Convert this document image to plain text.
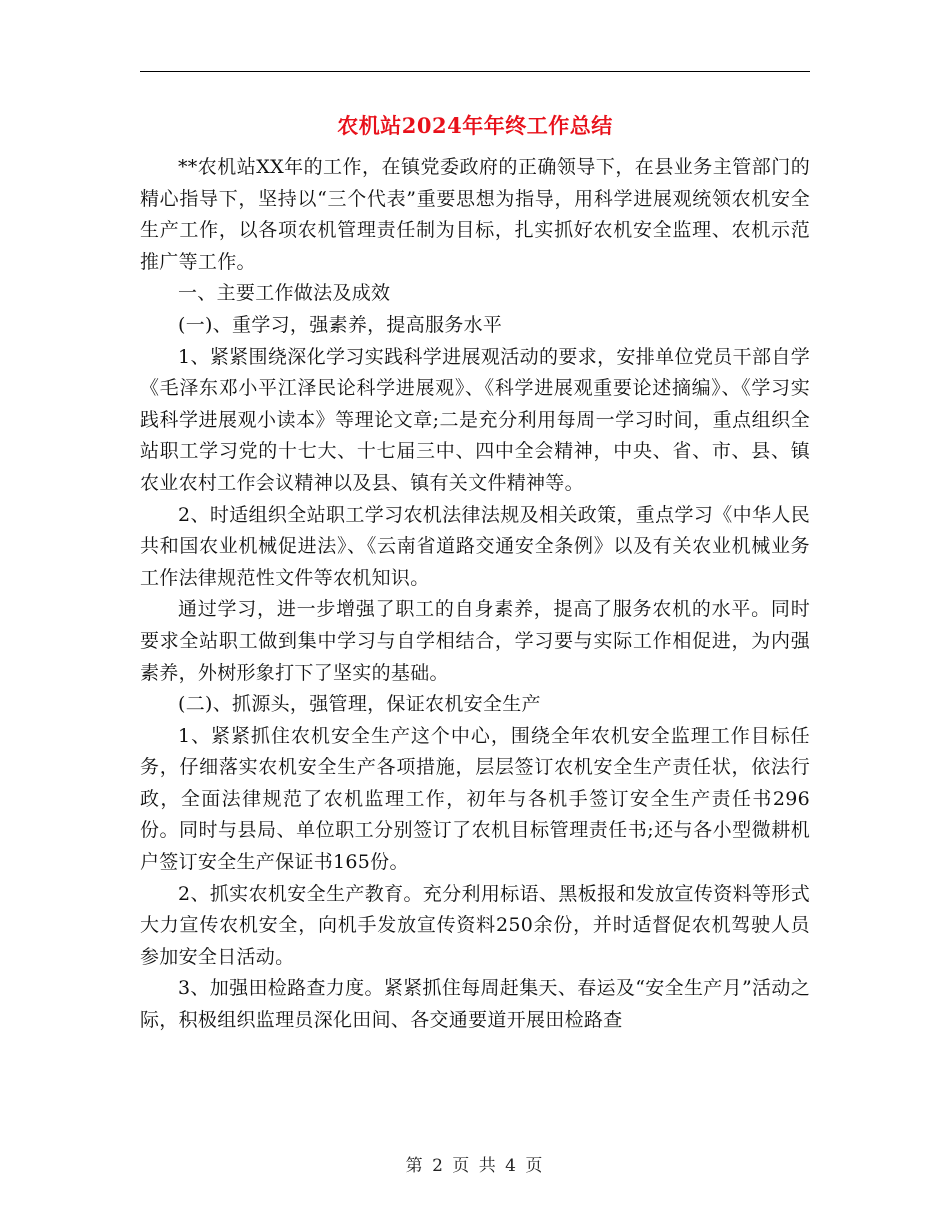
农机站2024年年终工作总结

**农机站XX年的工作，在镇党委政府的正确领导下，在县业务主管部门的精心指导下，坚持以“三个代表”重要思想为指导，用科学进展观统领农机安全生产工作，以各项农机管理责任制为目标，扎实抓好农机安全监理、农机示范推广等工作。

一、主要工作做法及成效

(一)、重学习，强素养，提高服务水平

1、紧紧围绕深化学习实践科学进展观活动的要求，安排单位党员干部自学《毛泽东邓小平江泽民论科学进展观》、《科学进展观重要论述摘编》、《学习实践科学进展观小读本》等理论文章;二是充分利用每周一学习时间，重点组织全站职工学习党的十七大、十七届三中、四中全会精神，中央、省、市、县、镇农业农村工作会议精神以及县、镇有关文件精神等。

2、时适组织全站职工学习农机法律法规及相关政策，重点学习《中华人民共和国农业机械促进法》、《云南省道路交通安全条例》以及有关农业机械业务工作法律规范性文件等农机知识。

通过学习，进一步增强了职工的自身素养，提高了服务农机的水平。同时要求全站职工做到集中学习与自学相结合，学习要与实际工作相促进，为内强素养，外树形象打下了坚实的基础。

(二)、抓源头，强管理，保证农机安全生产

1、紧紧抓住农机安全生产这个中心，围绕全年农机安全监理工作目标任务，仔细落实农机安全生产各项措施，层层签订农机安全生产责任状，依法行政，全面法律规范了农机监理工作，初年与各机手签订安全生产责任书296份。同时与县局、单位职工分别签订了农机目标管理责任书;还与各小型微耕机户签订安全生产保证书165份。

2、抓实农机安全生产教育。充分利用标语、黑板报和发放宣传资料等形式大力宣传农机安全，向机手发放宣传资料250余份，并时适督促农机驾驶人员参加安全日活动。

3、加强田检路查力度。紧紧抓住每周赶集天、春运及“安全生产月”活动之际，积极组织监理员深化田间、各交通要道开展田检路查

第 2 页 共 4 页
